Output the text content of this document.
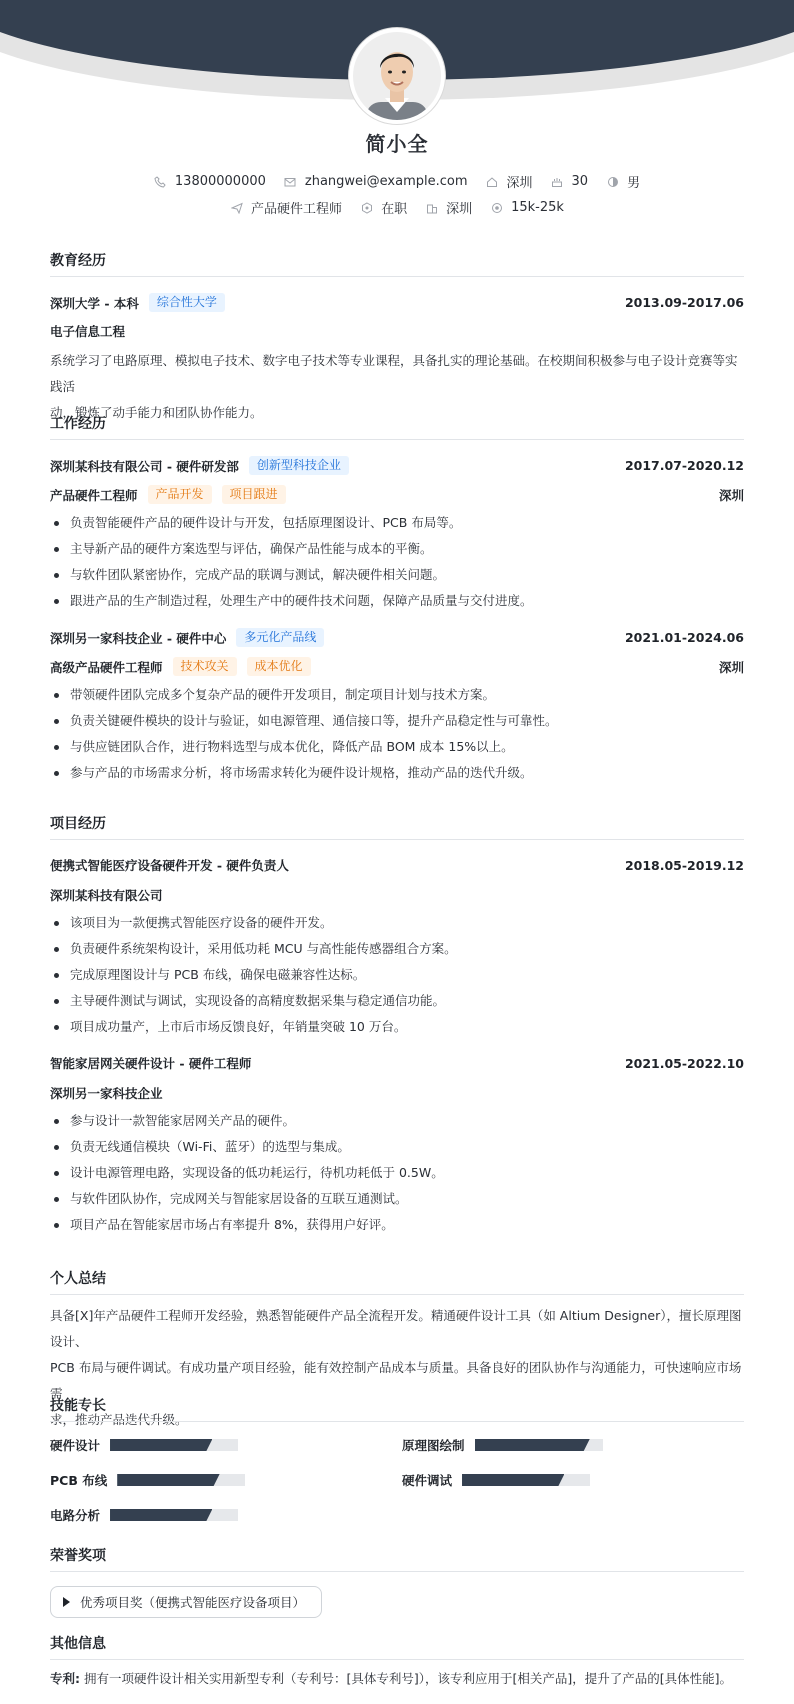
简小全
13800000000	zhangwei@example.com	深圳	30	男
产品硬件工程师	在职	深圳	15k-25k
教育经历
深圳大学 - 本科	综合性大学	2013.09-2017.06
电子信息工程
系统学习了电路原理、模拟电子技术、数字电子技术等专业课程，具备扎实的理论基础。在校期间积极参与电子设计竞赛等实践活
动，锻炼了动手能力和团队协作能力。
工作经历
深圳某科技有限公司 - 硬件研发部	创新型科技企业	2017.07-2020.12
产品硬件工程师	产品开发	项目跟进	深圳
负责智能硬件产品的硬件设计与开发，包括原理图设计、PCB 布局等。
主导新产品的硬件方案选型与评估，确保产品性能与成本的平衡。
与软件团队紧密协作，完成产品的联调与测试，解决硬件相关问题。
跟进产品的生产制造过程，处理生产中的硬件技术问题，保障产品质量与交付进度。
深圳另一家科技企业 - 硬件中心	多元化产品线	2021.01-2024.06
高级产品硬件工程师	技术攻关	成本优化	深圳
带领硬件团队完成多个复杂产品的硬件开发项目，制定项目计划与技术方案。
负责关键硬件模块的设计与验证，如电源管理、通信接口等，提升产品稳定性与可靠性。
与供应链团队合作，进行物料选型与成本优化，降低产品 BOM 成本 15%以上。
参与产品的市场需求分析，将市场需求转化为硬件设计规格，推动产品的迭代升级。
项目经历
便携式智能医疗设备硬件开发 - 硬件负责人	2018.05-2019.12
深圳某科技有限公司
该项目为一款便携式智能医疗设备的硬件开发。
负责硬件系统架构设计，采用低功耗 MCU 与高性能传感器组合方案。
完成原理图设计与 PCB 布线，确保电磁兼容性达标。
主导硬件测试与调试，实现设备的高精度数据采集与稳定通信功能。
项目成功量产，上市后市场反馈良好，年销量突破 10 万台。
智能家居网关硬件设计 - 硬件工程师	2021.05-2022.10
深圳另一家科技企业
参与设计一款智能家居网关产品的硬件。
负责无线通信模块（Wi-Fi、蓝牙）的选型与集成。
设计电源管理电路，实现设备的低功耗运行，待机功耗低于 0.5W。
与软件团队协作，完成网关与智能家居设备的互联互通测试。
项目产品在智能家居市场占有率提升 8%，获得用户好评。
个人总结
具备[X]年产品硬件工程师开发经验，熟悉智能硬件产品全流程开发。精通硬件设计工具（如 Altium Designer），擅长原理图设计、
PCB 布局与硬件调试。有成功量产项目经验，能有效控制产品成本与质量。具备良好的团队协作与沟通能力，可快速响应市场需
求，推动产品迭代升级。
技能专长
硬件设计	原理图绘制
PCB 布线	硬件调试
电路分析
荣誉奖项
优秀项目奖（便携式智能医疗设备项目）
其他信息
专利: 拥有一项硬件设计相关实用新型专利（专利号：[具体专利号]），该专利应用于[相关产品]，提升了产品的[具体性能]。
